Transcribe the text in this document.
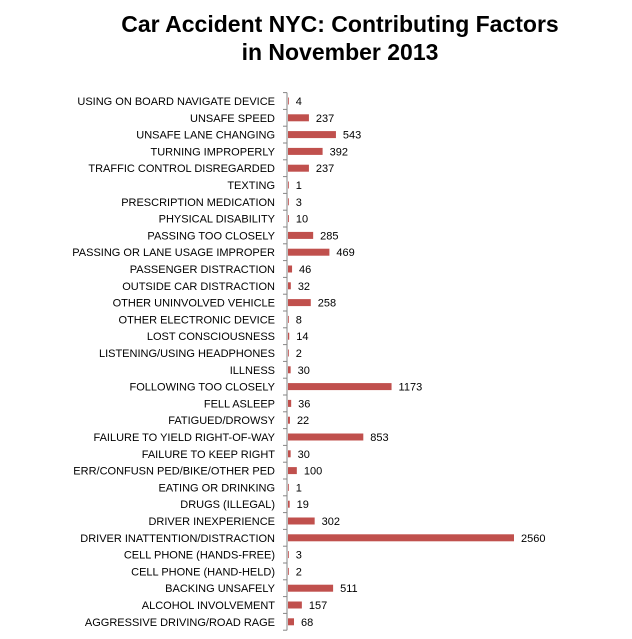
Car Accident NYC: Contributing Factors
in November 2013
USING ON BOARD NAVIGATE DEVICE 4
UNSAFE SPEED	237
UNSAFE LANE CHANGING	543
TURNING IMPROPERLY	392
TRAFFIC CONTROL DISREGARDED	237
TEXTING 1
PRESCRIPTION MEDICATION 3
PHYSICAL DISABILITY 10
PASSING TOO CLOSELY	285
PASSING OR LANE USAGE IMPROPER	469
PASSENGER DISTRACTION 46
OUTSIDE CAR DISTRACTION 32
OTHER UNINVOLVED VEHICLE	258
OTHER ELECTRONIC DEVICE 8
LOST CONSCIOUSNESS 14
LISTENING/USING HEADPHONES 2
ILLNESS 30
FOLLOWING TOO CLOSELY	1173
FELL ASLEEP 36
FATIGUED/DROWSY 22
FAILURE TO YIELD RIGHT-OF-WAY	853
FAILURE TO KEEP RIGHT 30
ERR/CONFUSN PED/BIKE/OTHER PED	100
EATING OR DRINKING 1
DRUGS (ILLEGAL) 19
DRIVER INEXPERIENCE	302
DRIVER INATTENTION/DISTRACTION	2560
CELL PHONE (HANDS-FREE) 3
CELL PHONE (HAND-HELD) 2
BACKING UNSAFELY	511
ALCOHOL INVOLVEMENT	157
AGGRESSIVE DRIVING/ROAD RAGE 68
